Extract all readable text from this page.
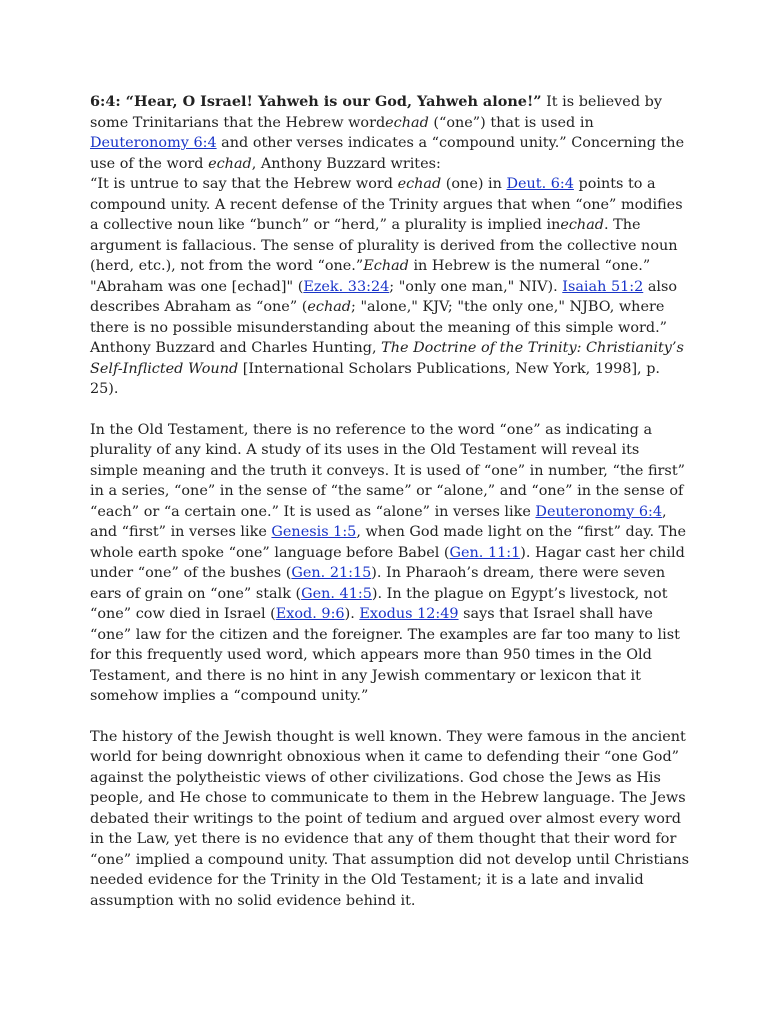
6:4: “Hear, O Israel! Yahweh is our God, Yahweh alone!” It is believed by some Trinitarians that the Hebrew wordechad (“one”) that is used in Deuteronomy 6:4 and other verses indicates a “compound unity.” Concerning the use of the word echad, Anthony Buzzard writes:
“It is untrue to say that the Hebrew word echad (one) in Deut. 6:4 points to a compound unity. A recent defense of the Trinity argues that when “one” modifies a collective noun like “bunch” or “herd,” a plurality is implied inechad. The argument is fallacious. The sense of plurality is derived from the collective noun (herd, etc.), not from the word “one.”Echad in Hebrew is the numeral “one.” "Abraham was one [echad]" (Ezek. 33:24; "only one man," NIV). Isaiah 51:2 also describes Abraham as “one” (echad; "alone," KJV; "the only one," NJBO, where there is no possible misunderstanding about the meaning of this simple word.” Anthony Buzzard and Charles Hunting, The Doctrine of the Trinity: Christianity’s Self-Inflicted Wound [International Scholars Publications, New York, 1998], p. 25).

In the Old Testament, there is no reference to the word “one” as indicating a plurality of any kind. A study of its uses in the Old Testament will reveal its simple meaning and the truth it conveys. It is used of “one” in number, “the first” in a series, “one” in the sense of “the same” or “alone,” and “one” in the sense of “each” or “a certain one.” It is used as “alone” in verses like Deuteronomy 6:4, and “first” in verses like Genesis 1:5, when God made light on the “first” day. The whole earth spoke “one” language before Babel (Gen. 11:1). Hagar cast her child under “one” of the bushes (Gen. 21:15). In Pharaoh’s dream, there were seven ears of grain on “one” stalk (Gen. 41:5). In the plague on Egypt’s livestock, not “one” cow died in Israel (Exod. 9:6). Exodus 12:49 says that Israel shall have “one” law for the citizen and the foreigner. The examples are far too many to list for this frequently used word, which appears more than 950 times in the Old Testament, and there is no hint in any Jewish commentary or lexicon that it somehow implies a “compound unity.”

The history of the Jewish thought is well known. They were famous in the ancient world for being downright obnoxious when it came to defending their “one God” against the polytheistic views of other civilizations. God chose the Jews as His people, and He chose to communicate to them in the Hebrew language. The Jews debated their writings to the point of tedium and argued over almost every word in the Law, yet there is no evidence that any of them thought that their word for “one” implied a compound unity. That assumption did not develop until Christians needed evidence for the Trinity in the Old Testament; it is a late and invalid assumption with no solid evidence behind it.
